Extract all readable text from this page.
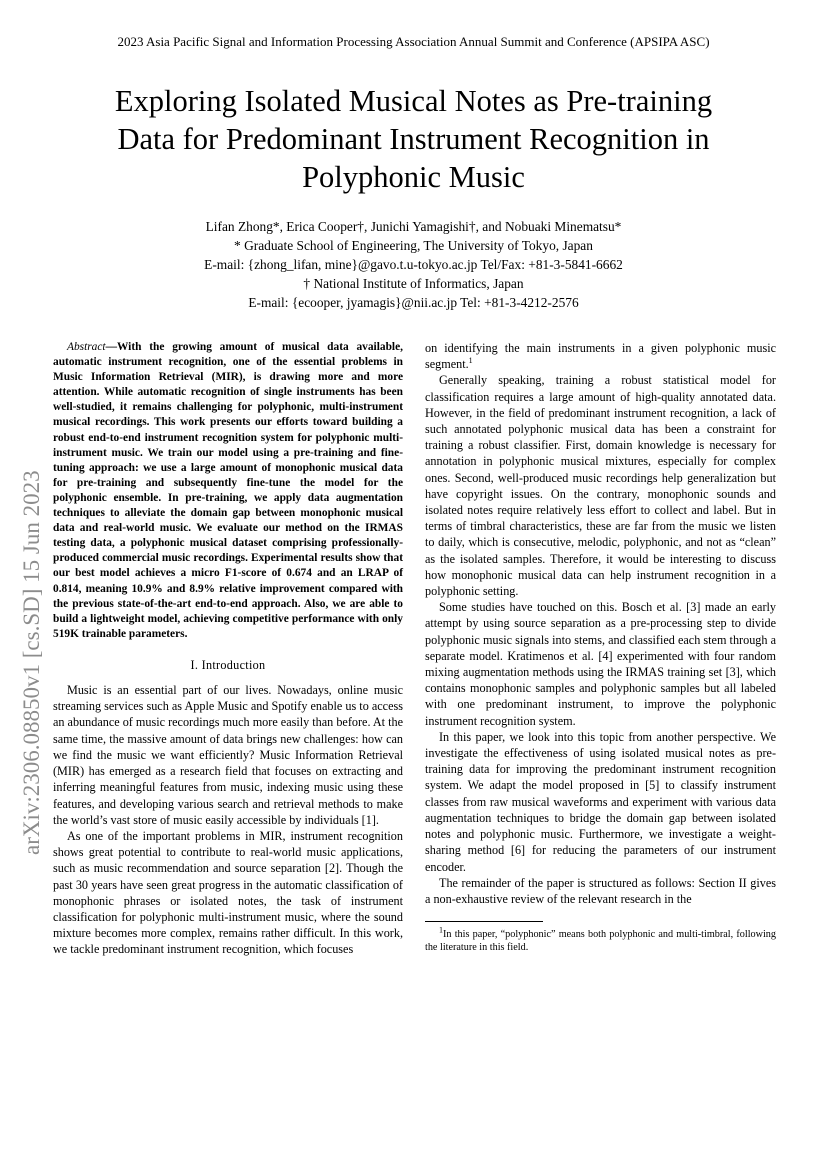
2023 Asia Pacific Signal and Information Processing Association Annual Summit and Conference (APSIPA ASC)
Exploring Isolated Musical Notes as Pre-training
Data for Predominant Instrument Recognition in
Polyphonic Music
Lifan Zhong*, Erica Cooper†, Junichi Yamagishi†, and Nobuaki Minematsu*
* Graduate School of Engineering, The University of Tokyo, Japan
E-mail: {zhong_lifan, mine}@gavo.t.u-tokyo.ac.jp Tel/Fax: +81-3-5841-6662
† National Institute of Informatics, Japan
E-mail: {ecooper, jyamagis}@nii.ac.jp Tel: +81-3-4212-2576
arXiv:2306.08850v1 [cs.SD] 15 Jun 2023

Abstract—With the growing amount of musical data available, automatic instrument recognition, one of the essential problems in Music Information Retrieval (MIR), is drawing more and more attention. While automatic recognition of single instruments has been well-studied, it remains challenging for polyphonic, multi-instrument musical recordings. This work presents our efforts toward building a robust end-to-end instrument recognition system for polyphonic multi-instrument music. We train our model using a pre-training and fine-tuning approach: we use a large amount of monophonic musical data for pre-training and subsequently fine-tune the model for the polyphonic ensemble. In pre-training, we apply data augmentation techniques to alleviate the domain gap between monophonic musical data and real-world music. We evaluate our method on the IRMAS testing data, a polyphonic musical dataset comprising professionally-produced commercial music recordings. Experimental results show that our best model achieves a micro F1-score of 0.674 and an LRAP of 0.814, meaning 10.9% and 8.9% relative improvement compared with the previous state-of-the-art end-to-end approach. Also, we are able to build a lightweight model, achieving competitive performance with only 519K trainable parameters.

I. Introduction

Music is an essential part of our lives. Nowadays, online music streaming services such as Apple Music and Spotify enable us to access an abundance of music recordings much more easily than before. At the same time, the massive amount of data brings new challenges: how can we find the music we want efficiently? Music Information Retrieval (MIR) has emerged as a research field that focuses on extracting and inferring meaningful features from music, indexing music using these features, and developing various search and retrieval methods to make the world’s vast store of music easily accessible by individuals [1].

As one of the important problems in MIR, instrument recognition shows great potential to contribute to real-world music applications, such as music recommendation and source separation [2]. Though the past 30 years have seen great progress in the automatic classification of monophonic phrases or isolated notes, the task of instrument classification for polyphonic multi-instrument music, where the sound mixture becomes more complex, remains rather difficult. In this work, we tackle predominant instrument recognition, which focuses

on identifying the main instruments in a given polyphonic music segment.$^1$

Generally speaking, training a robust statistical model for classification requires a large amount of high-quality annotated data. However, in the field of predominant instrument recognition, a lack of such annotated polyphonic musical data has been a constraint for training a robust classifier. First, domain knowledge is necessary for annotation in polyphonic musical mixtures, especially for complex ones. Second, well-produced music recordings help generalization but have copyright issues. On the contrary, monophonic sounds and isolated notes require relatively less effort to collect and label. But in terms of timbral characteristics, these are far from the music we listen to daily, which is consecutive, melodic, polyphonic, and not as “clean” as the isolated samples. Therefore, it would be interesting to discuss how monophonic musical data can help instrument recognition in a polyphonic setting.

Some studies have touched on this. Bosch et al. [3] made an early attempt by using source separation as a pre-processing step to divide polyphonic music signals into stems, and classified each stem through a separate model. Kratimenos et al. [4] experimented with four random mixing augmentation methods using the IRMAS training set [3], which contains monophonic samples and polyphonic samples but all labeled with one predominant instrument, to improve the polyphonic instrument recognition system.

In this paper, we look into this topic from another perspective. We investigate the effectiveness of using isolated musical notes as pre-training data for improving the predominant instrument recognition system. We adapt the model proposed in [5] to classify instrument classes from raw musical waveforms and experiment with various data augmentation techniques to bridge the domain gap between isolated notes and polyphonic music. Furthermore, we investigate a weight-sharing method [6] for reducing the parameters of our instrument encoder.

The remainder of the paper is structured as follows: Section II gives a non-exhaustive review of the relevant research in the

$^1$In this paper, “polyphonic” means both polyphonic and multi-timbral, following the literature in this field.
